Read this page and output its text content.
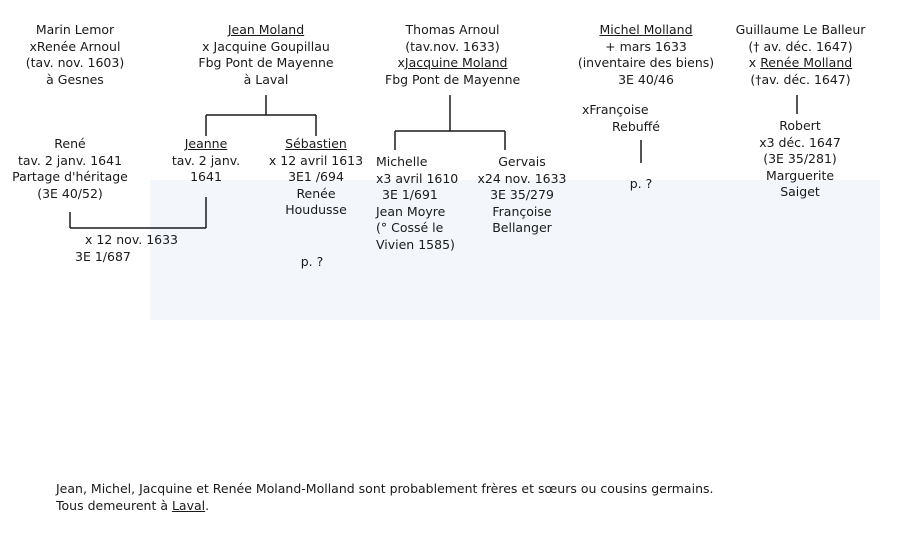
Marin Lemor
xRenée Arnoul
(tav. nov. 1603)
à Gesnes
Jean Moland
x Jacquine Goupillau
Fbg Pont de Mayenne
à Laval
Thomas Arnoul
(tav.nov. 1633)
xJacquine Moland
Fbg Pont de Mayenne
Michel Molland
+ mars 1633
(inventaire des biens)
3E 40/46
xFrançoise
Rebuffé
p. ?
Guillaume Le Balleur
(† av. déc. 1647)
x Renée Molland
(†av. déc. 1647)
René
tav. 2 janv. 1641
Partage d'héritage
(3E 40/52)
Jeanne
tav. 2 janv.
1641
x 12 nov. 1633
3E 1/687
Sébastien
x 12 avril 1613
3E1 /694
Renée
Houdusse
p. ?
Michelle
x3 avril 1610
3E 1/691
Jean Moyre
(° Cossé le
Vivien 1585)
Gervais
x24 nov. 1633
3E 35/279
Françoise
Bellanger
Robert
x3 déc. 1647
(3E 35/281)
Marguerite
Saiget
Jean, Michel, Jacquine et Renée Moland-Molland sont probablement frères et sœurs ou cousins germains.
Tous demeurent à Laval.
